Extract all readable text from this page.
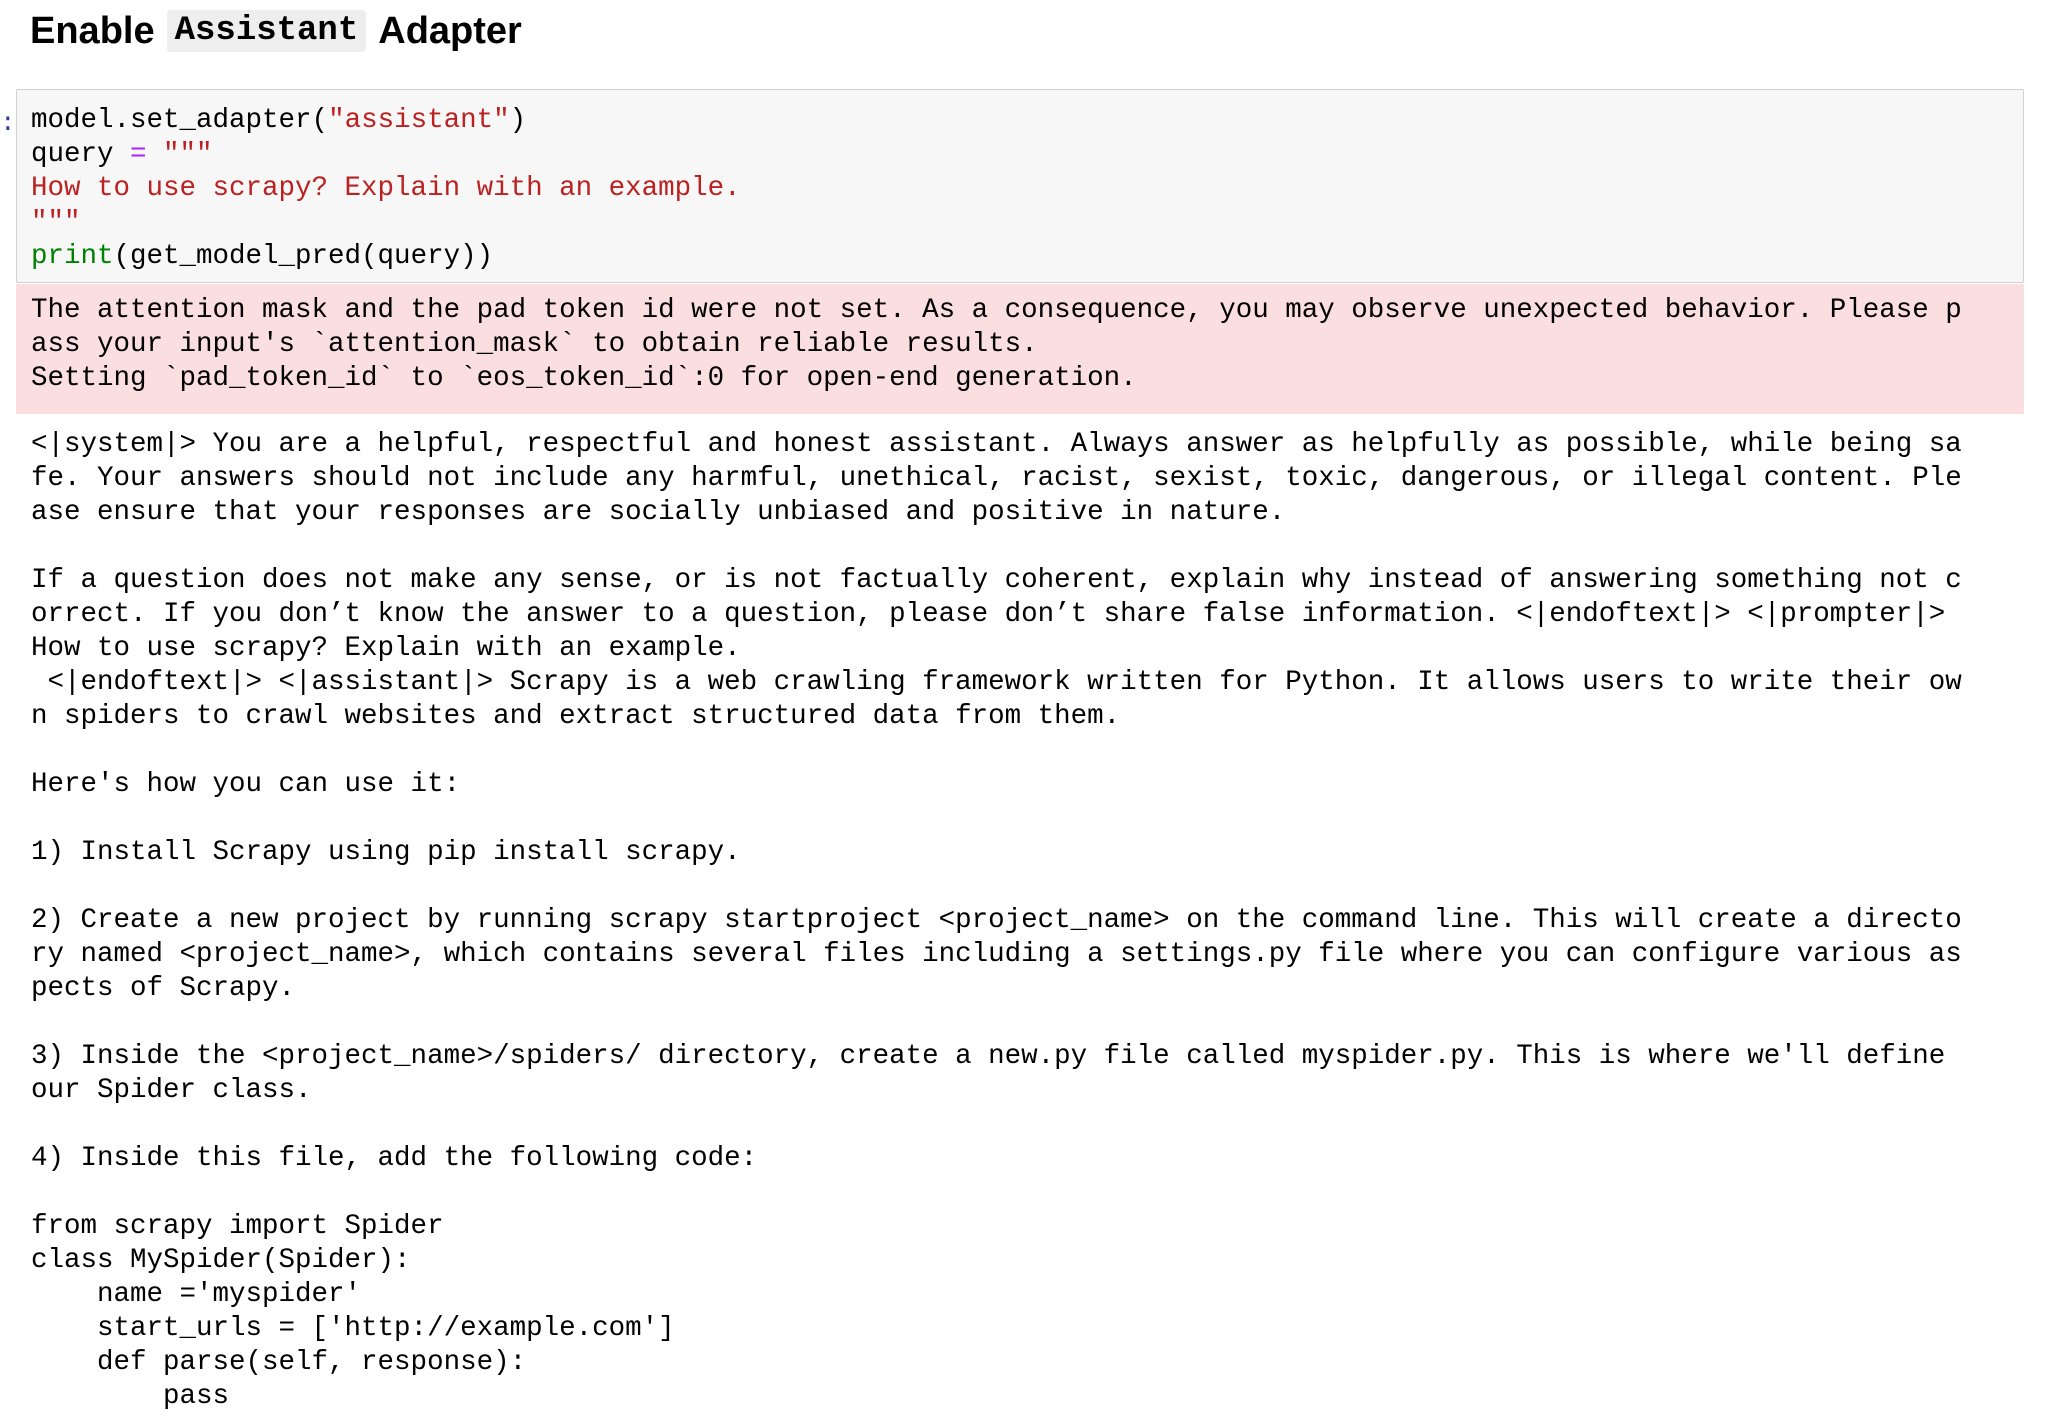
Enable Assistant Adapter
: model.set_adapter("assistant")
query = """
How to use scrapy? Explain with an example.
"""
print(get_model_pred(query))
The attention mask and the pad token id were not set. As a consequence, you may observe unexpected behavior. Please p
ass your input's `attention_mask` to obtain reliable results.
Setting `pad_token_id` to `eos_token_id`:0 for open-end generation.
<|system|> You are a helpful, respectful and honest assistant. Always answer as helpfully as possible, while being sa
fe. Your answers should not include any harmful, unethical, racist, sexist, toxic, dangerous, or illegal content. Ple
ase ensure that your responses are socially unbiased and positive in nature.

If a question does not make any sense, or is not factually coherent, explain why instead of answering something not c
orrect. If you don’t know the answer to a question, please don’t share false information. <|endoftext|> <|prompter|>
How to use scrapy? Explain with an example.
<|endoftext|> <|assistant|> Scrapy is a web crawling framework written for Python. It allows users to write their ow
n spiders to crawl websites and extract structured data from them.

Here's how you can use it:

1) Install Scrapy using pip install scrapy.

2) Create a new project by running scrapy startproject <project_name> on the command line. This will create a directo
ry named <project_name>, which contains several files including a settings.py file where you can configure various as
pects of Scrapy.

3) Inside the <project_name>/spiders/ directory, create a new.py file called myspider.py. This is where we'll define
our Spider class.

4) Inside this file, add the following code:

from scrapy import Spider
class MySpider(Spider):
name ='myspider'
start_urls = ['http://example.com']
def parse(self, response):
pass
